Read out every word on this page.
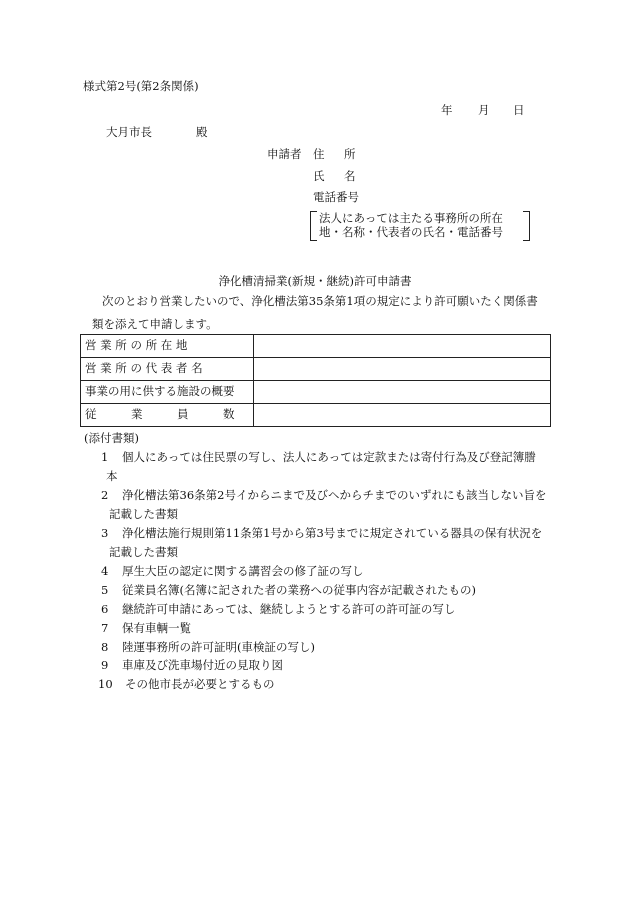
様式第2号(第2条関係)
年 月 日
大月市長	殿
申請者 住 所
氏 名
電話番号
法人にあっては主たる事務所の所在
地・名称・代表者の氏名・電話番号
浄化槽清掃業(新規・継続)許可申請書
次のとおり営業したいので、浄化槽法第35条第1項の規定により許可願いたく関係書
類を添えて申請します。
営 業 所 の 所 在 地	
営 業 所 の 代 表 者 名	
事業の用に供する施設の概要	
従　　　業　　　員　　　数	
(添付書類)
1 個人にあっては住民票の写し、法人にあっては定款または寄付行為及び登記簿謄
本
2 浄化槽法第36条第2号イからニまで及びヘからチまでのいずれにも該当しない旨を
記載した書類
3 浄化槽法施行規則第11条第1号から第3号までに規定されている器具の保有状況を
記載した書類
4 厚生大臣の認定に関する講習会の修了証の写し
5 従業員名簿(名簿に記された者の業務への従事内容が記載されたもの)
6 継続許可申請にあっては、継続しようとする許可の許可証の写し
7 保有車輌一覧
8 陸運事務所の許可証明(車検証の写し)
9 車庫及び洗車場付近の見取り図
10 その他市長が必要とするもの
